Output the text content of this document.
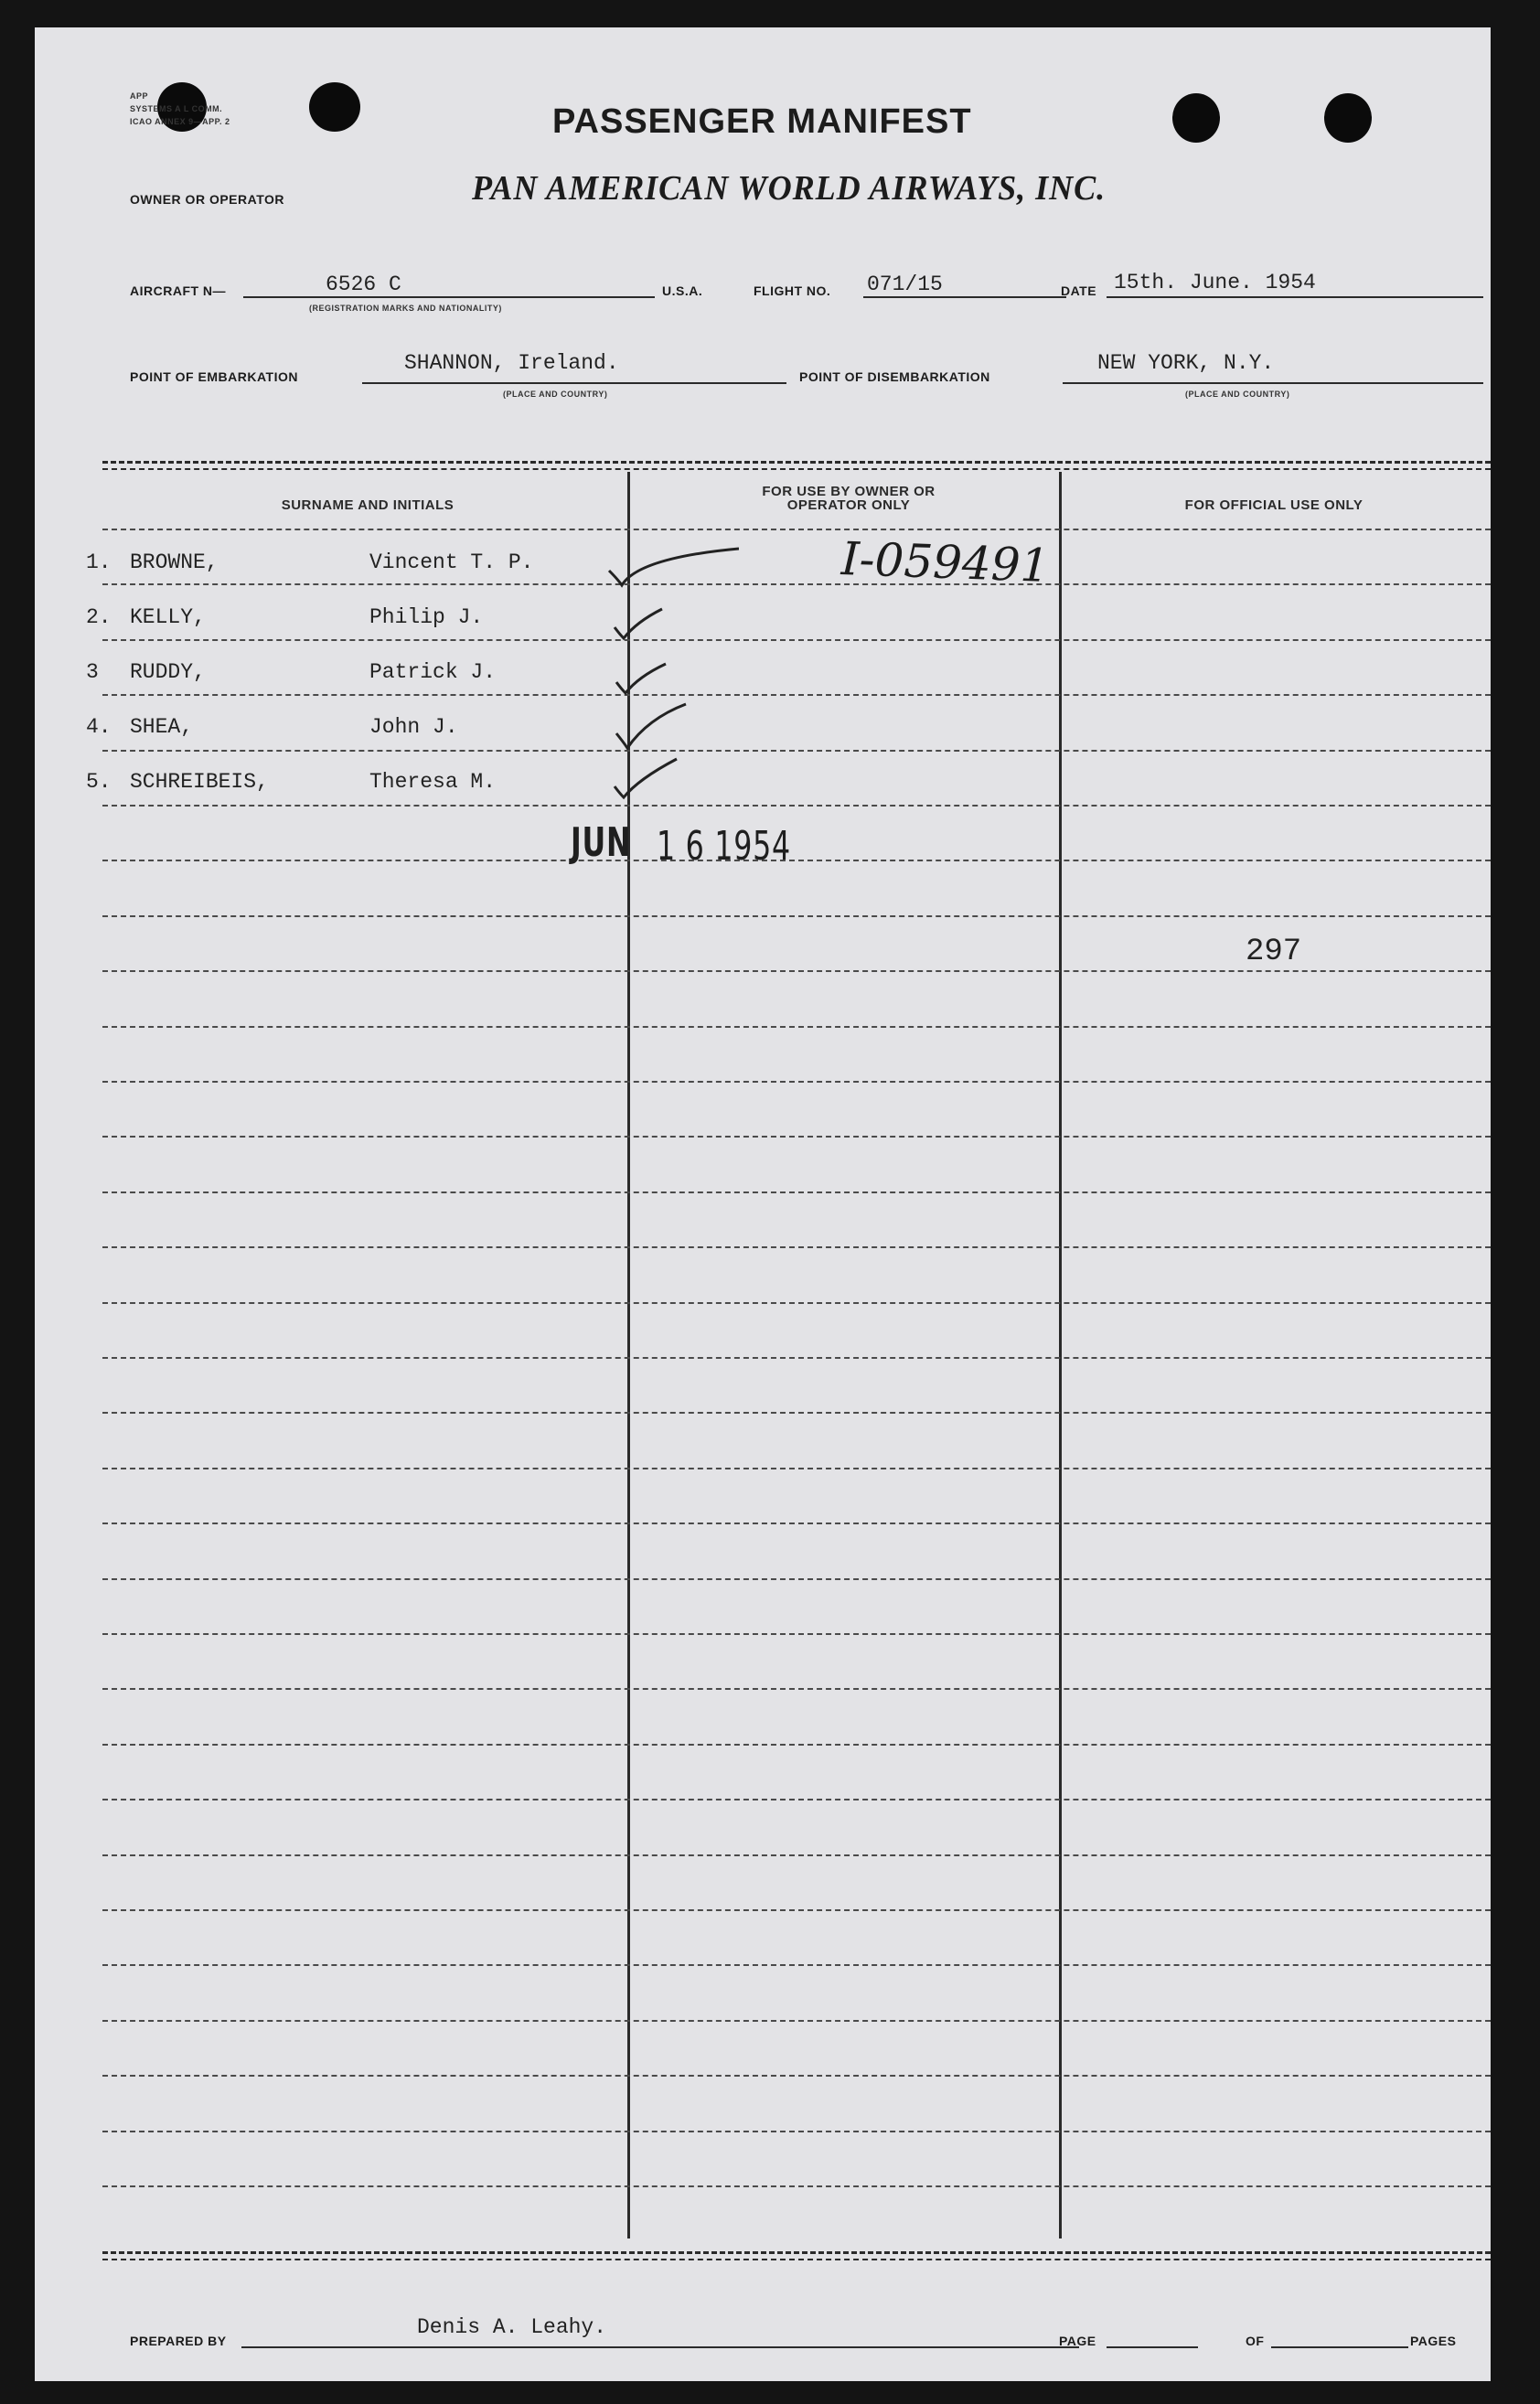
APP
SYSTEMS A L COMM.
ICAO ANNEX 9—APP. 2	PASSENGER MANIFEST
OWNER OR OPERATOR	PAN AMERICAN WORLD AIRWAYS, INC.
AIRCRAFT N—	6526 C
(REGISTRATION MARKS AND NATIONALITY)
U.S.A.	FLIGHT NO. 071/15	DATE 15th. June. 1954
POINT OF EMBARKATION
SHANNON, Ireland.
(PLACE AND COUNTRY)
POINT OF DISEMBARKATION
NEW YORK, N.Y.
(PLACE AND COUNTRY)
SURNAME AND INITIALS
FOR USE BY OWNER OR OPERATOR ONLY	FOR OFFICIAL USE ONLY
1. BROWNE,	Vincent T. P.
2. KELLY,	Philip J.
3 RUDDY,	Patrick J.
4. SHEA,	John J.
5. SCHREIBEIS,	Theresa M.
I-059491
JUN 1 6 1954
297
PREPARED BY
Denis A. Leahy.
PAGE	OF	PAGES
